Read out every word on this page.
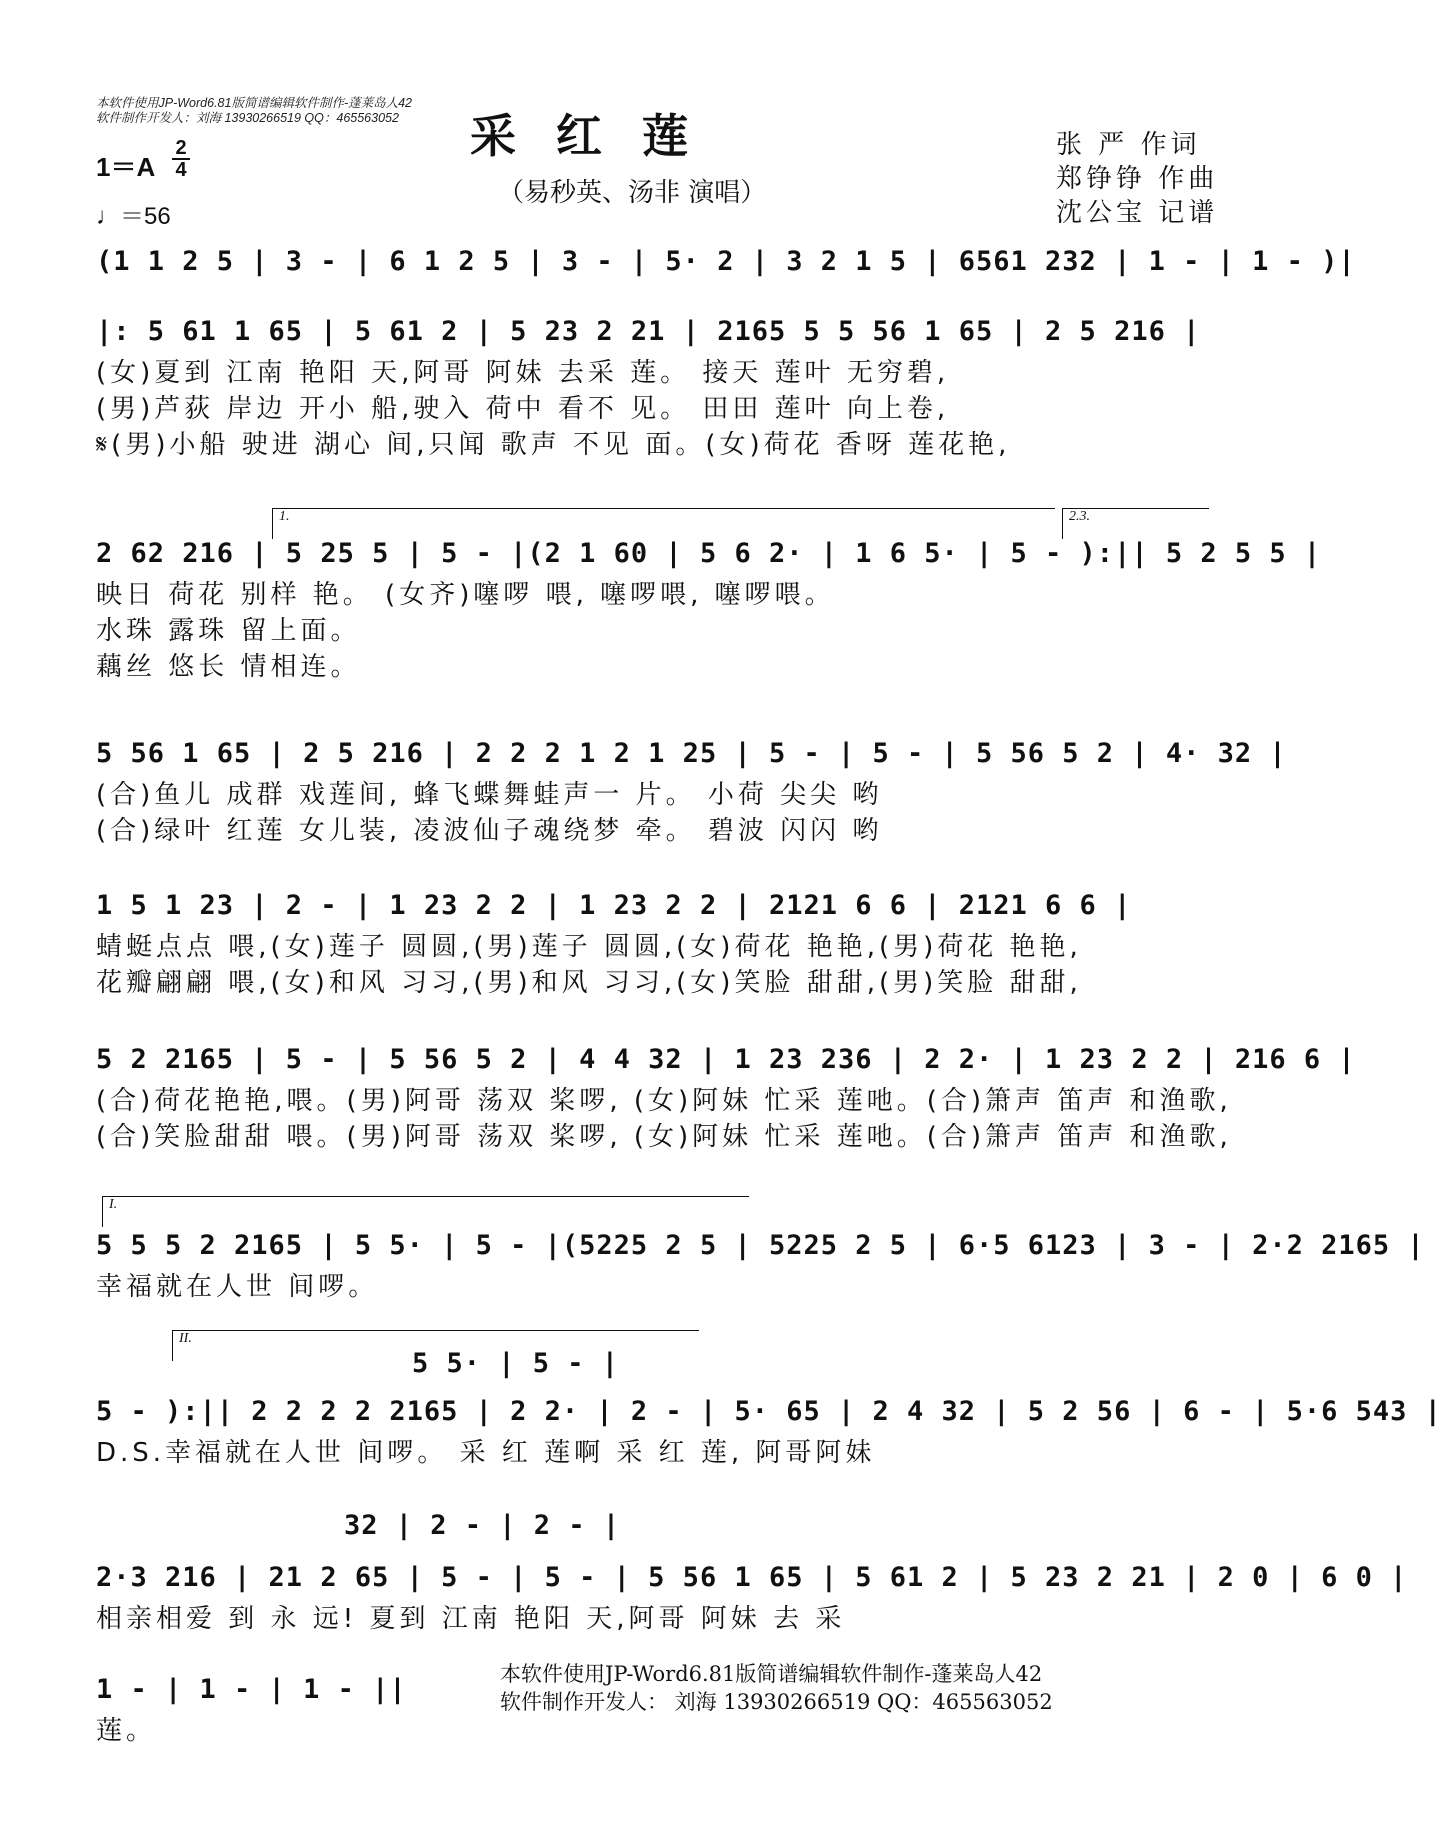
本软件使用JP-Word6.81版简谱编辑软件制作-蓬莱岛人42
软件制作开发人：刘海 13930266519 QQ：465563052 采红莲
（易秒英、汤非 演唱）
1＝A
2
4
♩＝56
张 严 作词
郑铮铮 作曲
沈公宝 记谱
(1 1 2 5 | 3 - | 6 1 2 5 | 3 - | 5· 2 | 3 2 1 5 | 6561 232 | 1 - | 1 - )|
|: 5 61 1 65 | 5 61 2 | 5 23 2 21 | 2165 5 5 56 1 65 | 2 5 216 |
(女)夏到 江南 艳阳 天,阿哥 阿妹 去采 莲。 接天 莲叶 无穷碧,
(男)芦荻 岸边 开小 船,驶入 荷中 看不 见。 田田 莲叶 向上卷,
𝄋(男)小船 驶进 湖心 间,只闻 歌声 不见 面。(女)荷花 香呀 莲花艳,
1.	2.3.
2 62 216 | 5 25 5 | 5 - |(2 1 60 | 5 6 2· | 1 6 5· | 5 - ):|| 5 2 5 5 |
映日 荷花 别样 艳。 (女齐)噻啰 喂, 噻啰喂, 噻啰喂。
水珠 露珠 留上面。
藕丝 悠长 情相连。
5 56 1 65 | 2 5 216 | 2 2 2 1 2 1 25 | 5 - | 5 - | 5 56 5 2 | 4· 32 |
(合)鱼儿 成群 戏莲间, 蜂飞蝶舞蛙声一 片。 小荷 尖尖 哟
(合)绿叶 红莲 女儿装, 凌波仙子魂绕梦 牵。 碧波 闪闪 哟
1 5 1 23 | 2 - | 1 23 2 2 | 1 23 2 2 | 2121 6 6 | 2121 6 6 |
蜻蜓点点 喂,(女)莲子 圆圆,(男)莲子 圆圆,(女)荷花 艳艳,(男)荷花 艳艳,
花瓣翩翩 喂,(女)和风 习习,(男)和风 习习,(女)笑脸 甜甜,(男)笑脸 甜甜,
5 2 2165 | 5 - | 5 56 5 2 | 4 4 32 | 1 23 236 | 2 2· | 1 23 2 2 | 216 6 |
(合)荷花艳艳,喂。(男)阿哥 荡双 桨啰, (女)阿妹 忙采 莲吔。(合)箫声 笛声 和渔歌,
(合)笑脸甜甜 喂。(男)阿哥 荡双 桨啰, (女)阿妹 忙采 莲吔。(合)箫声 笛声 和渔歌,
I.
5 5 5 2 2165 | 5 5· | 5 - |(5225 2 5 | 5225 2 5 | 6·5 6123 | 3 - | 2·2 2165 |
幸福就在人世 间啰。
II.
5 5· | 5 - |
5 - ):|| 2 2 2 2 2165 | 2 2· | 2 - | 5· 65 | 2 4 32 | 5 2 56 | 6 - | 5·6 543 |
D.S.幸福就在人世 间啰。 采 红 莲啊 采 红 莲, 阿哥阿妹
32 | 2 - | 2 - |
2·3 216 | 21 2 65 | 5 - | 5 - | 5 56 1 65 | 5 61 2 | 5 23 2 21 | 2 0 | 6 0 |
相亲相爱 到 永 远! 夏到 江南 艳阳 天,阿哥 阿妹 去 采
1 - | 1 - | 1 - ||
莲。
本软件使用JP-Word6.81版简谱编辑软件制作-蓬莱岛人42
软件制作开发人： 刘海 13930266519 QQ：465563052
